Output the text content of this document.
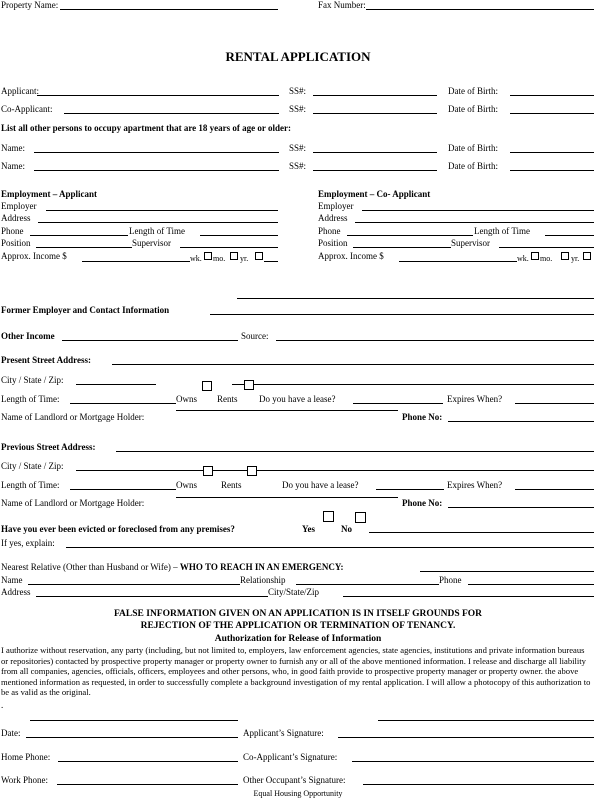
Property Name:	Fax Number:
RENTAL APPLICATION
Applicant:	SS#:	Date of Birth:
Co-Applicant:	SS#:	Date of Birth:
List all other persons to occupy apartment that are 18 years of age or older:
Name:	SS#:	Date of Birth:
Name:	SS#:	Date of Birth:
Employment – Applicant
Employer
Address
Phone	Length of Time
Position	Supervisor
Approx. Income $	wk. mo. yr.
Employment – Co- Applicant
Employer
Address
Phone	Length of Time
Position	Supervisor
Approx. Income $	wk. mo. yr.
Former Employer and Contact Information
Other Income	Source:
Present Street Address:
City / State / Zip:
Length of Time:	Owns Rents Do you have a lease?	Expires When?
Name of Landlord or Mortgage Holder:	Phone No:
Previous Street Address:
City / State / Zip:
Length of Time:	Owns	Rents	Do you have a lease?	Expires When?
Name of Landlord or Mortgage Holder:	Phone No:
Have you ever been evicted or foreclosed from any premises?	Yes	No
If yes, explain:
Nearest Relative (Other than Husband or Wife) – WHO TO REACH IN AN EMERGENCY:
Name	Relationship	Phone
Address	City/State/Zip
FALSE INFORMATION GIVEN ON AN APPLICATION IS IN ITSELF GROUNDS FOR
REJECTION OF THE APPLICATION OR TERMINATION OF TENANCY.
Authorization for Release of Information
I authorize without reservation, any party (including, but not limited to, employers, law enforcement agencies, state agencies, institutions and private information bureaus or repositories) contacted by prospective property manager or property owner to furnish any or all of the above mentioned information. I release and discharge all liability from all companies, agencies, officials, officers, employees and other persons, who, in good faith provide to prospective property manager or property owner. the above mentioned information as requested, in order to successfully complete a background investigation of my rental application. I will allow a photocopy of this authorization to be as valid as the original.
.
Date:	Applicant’s Signature:
Home Phone:	Co-Applicant’s Signature:
Work Phone:	Other Occupant’s Signature:
Equal Housing Opportunity
